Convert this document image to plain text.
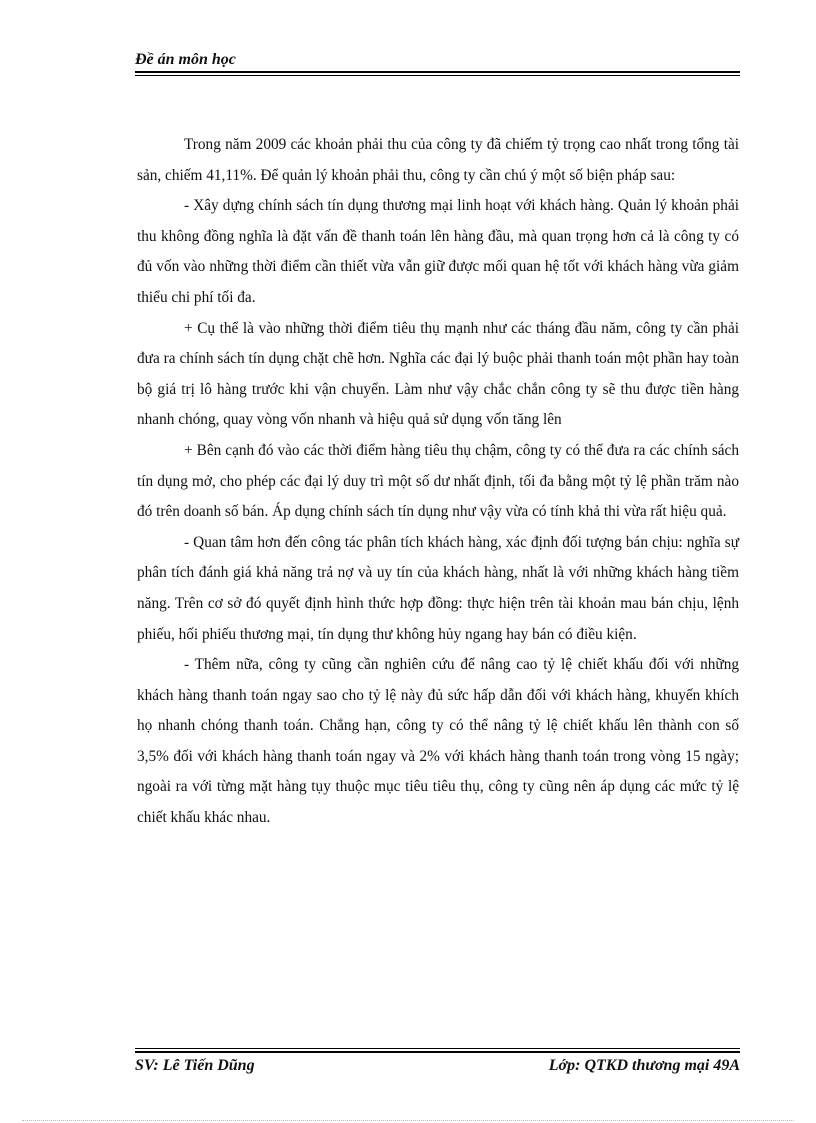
Đề án môn học

Trong năm 2009 các khoản phải thu của công ty đã chiếm tỷ trọng cao nhất trong tổng tài sản, chiếm 41,11%. Để quản lý khoản phải thu, công ty cần chú ý một số biện pháp sau:

- Xây dựng chính sách tín dụng thương mại linh hoạt với khách hàng. Quản lý khoản phải thu không đồng nghĩa là đặt vấn đề thanh toán lên hàng đầu, mà quan trọng hơn cả là công ty có đủ vốn vào những thời điểm cần thiết vừa vẫn giữ được mối quan hệ tốt với khách hàng vừa giảm thiểu chi phí tối đa.

+ Cụ thể là vào những thời điểm tiêu thụ mạnh như các tháng đầu năm, công ty cần phải đưa ra chính sách tín dụng chặt chẽ hơn. Nghĩa các đại lý buộc phải thanh toán một phần hay toàn bộ giá trị lô hàng trước khi vận chuyển. Làm như vậy chắc chắn công ty sẽ thu được tiền hàng nhanh chóng, quay vòng vốn nhanh và hiệu quả sử dụng vốn tăng lên

+ Bên cạnh đó vào các thời điểm hàng tiêu thụ chậm, công ty có thể đưa ra các chính sách tín dụng mở, cho phép các đại lý duy trì một số dư nhất định, tối đa bằng một tỷ lệ phần trăm nào đó trên doanh số bán. Áp dụng chính sách tín dụng như vậy vừa có tính khả thi vừa rất hiệu quả.

- Quan tâm hơn đến công tác phân tích khách hàng, xác định đối tượng bán chịu: nghĩa sự phân tích đánh giá khả năng trả nợ và uy tín của khách hàng, nhất là với những khách hàng tiềm năng. Trên cơ sở đó quyết định hình thức hợp đồng: thực hiện trên tài khoản mau bán chịu, lệnh phiếu, hối phiếu thương mại, tín dụng thư không hủy ngang hay bán có điều kiện.

- Thêm nữa, công ty cũng cần nghiên cứu để nâng cao tỷ lệ chiết khấu đối với những khách hàng thanh toán ngay sao cho tỷ lệ này đủ sức hấp dẫn đối với khách hàng, khuyến khích họ nhanh chóng thanh toán. Chẳng hạn, công ty có thể nâng tỷ lệ chiết khấu lên thành con số 3,5% đối với khách hàng thanh toán ngay và 2% với khách hàng thanh toán trong vòng 15 ngày; ngoài ra với từng mặt hàng tụy thuộc mục tiêu tiêu thụ, công ty cũng nên áp dụng các mức tỷ lệ chiết khấu khác nhau.

SV: Lê Tiến Dũng	Lớp: QTKD thương mại 49A
